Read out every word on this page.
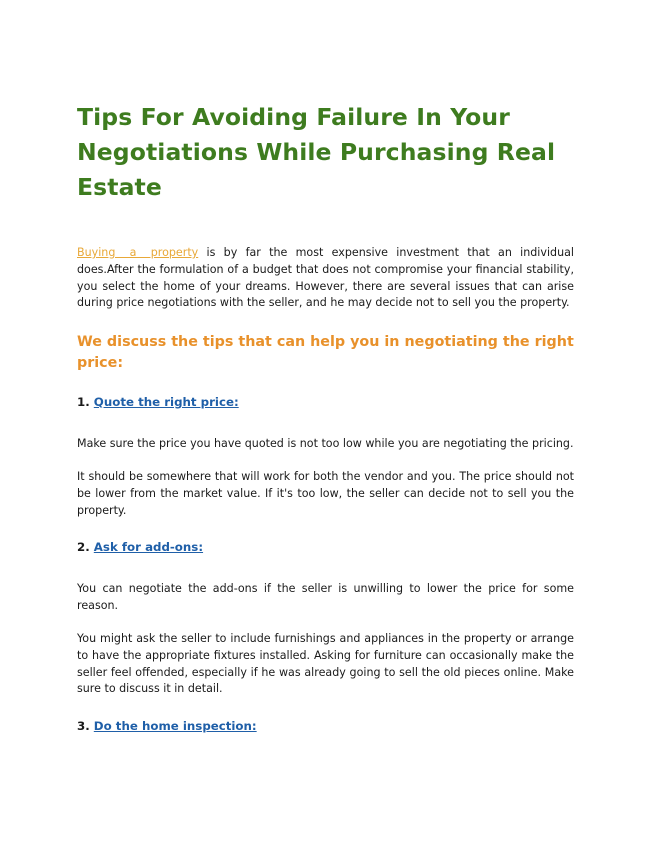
Tips For Avoiding Failure In Your Negotiations While Purchasing Real Estate

Buying a property is by far the most expensive investment that an individual does.After the formulation of a budget that does not compromise your financial stability, you select the home of your dreams. However, there are several issues that can arise during price negotiations with the seller, and he may decide not to sell you the property.

We discuss the tips that can help you in negotiating the right price:
1. Quote the right price:

Make sure the price you have quoted is not too low while you are negotiating the pricing.

It should be somewhere that will work for both the vendor and you. The price should not be lower from the market value. If it's too low, the seller can decide not to sell you the property.

2. Ask for add-ons:

You can negotiate the add-ons if the seller is unwilling to lower the price for some reason.

You might ask the seller to include furnishings and appliances in the property or arrange to have the appropriate fixtures installed. Asking for furniture can occasionally make the seller feel offended, especially if he was already going to sell the old pieces online. Make sure to discuss it in detail.

3. Do the home inspection:
